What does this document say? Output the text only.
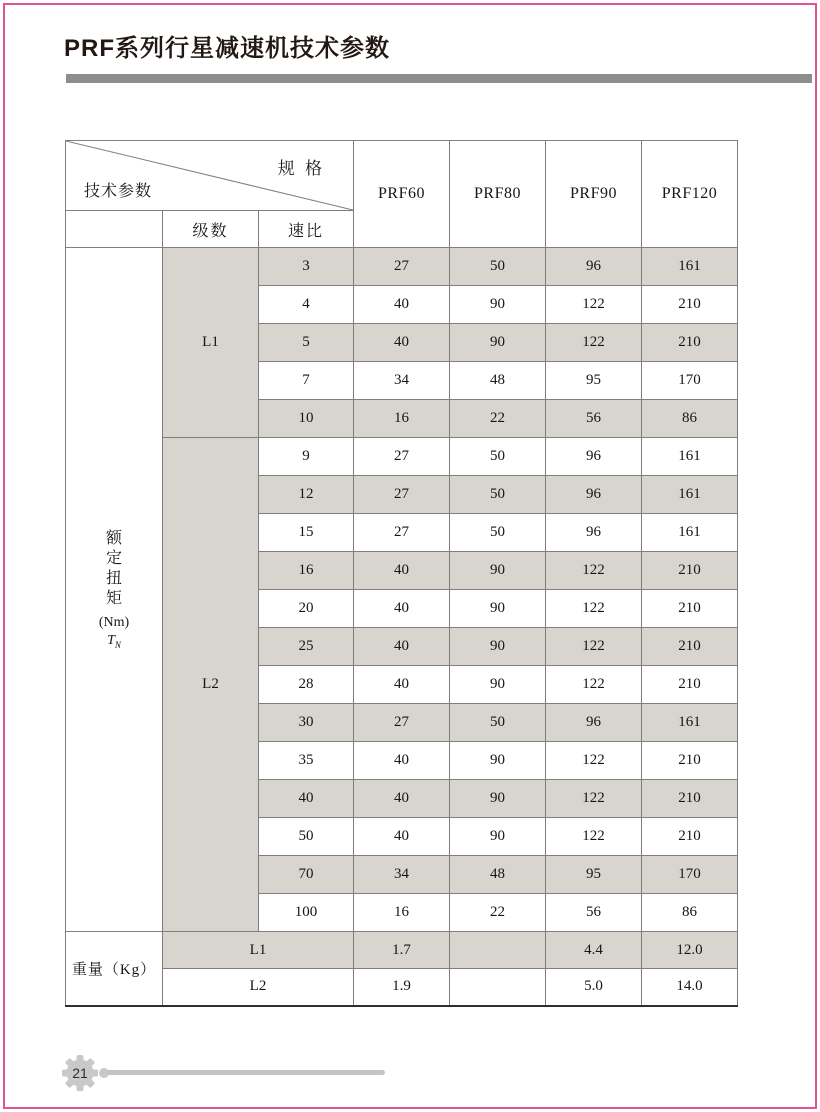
PRF系列行星减速机技术参数
规 格
技术参数			PRF60	PRF80	PRF90	PRF120
	级数	速比				

额
定
扭
矩
(Nm)
$T_N$
	L1	3	27	50	96	161
		4	40	90	122	210
		5	40	90	122	210
		7	34	48	95	170
		10	16	22	56	86
	L2	9	27	50	96	161
		12	27	50	96	161
		15	27	50	96	161
		16	40	90	122	210
		20	40	90	122	210
		25	40	90	122	210
		28	40	90	122	210
		30	27	50	96	161
		35	40	90	122	210
		40	40	90	122	210
		50	40	90	122	210
		70	34	48	95	170
		100	16	22	56	86
重量（Kg）	L1		1.7		4.4	12.0
	L2		1.9		5.0	14.0
21
